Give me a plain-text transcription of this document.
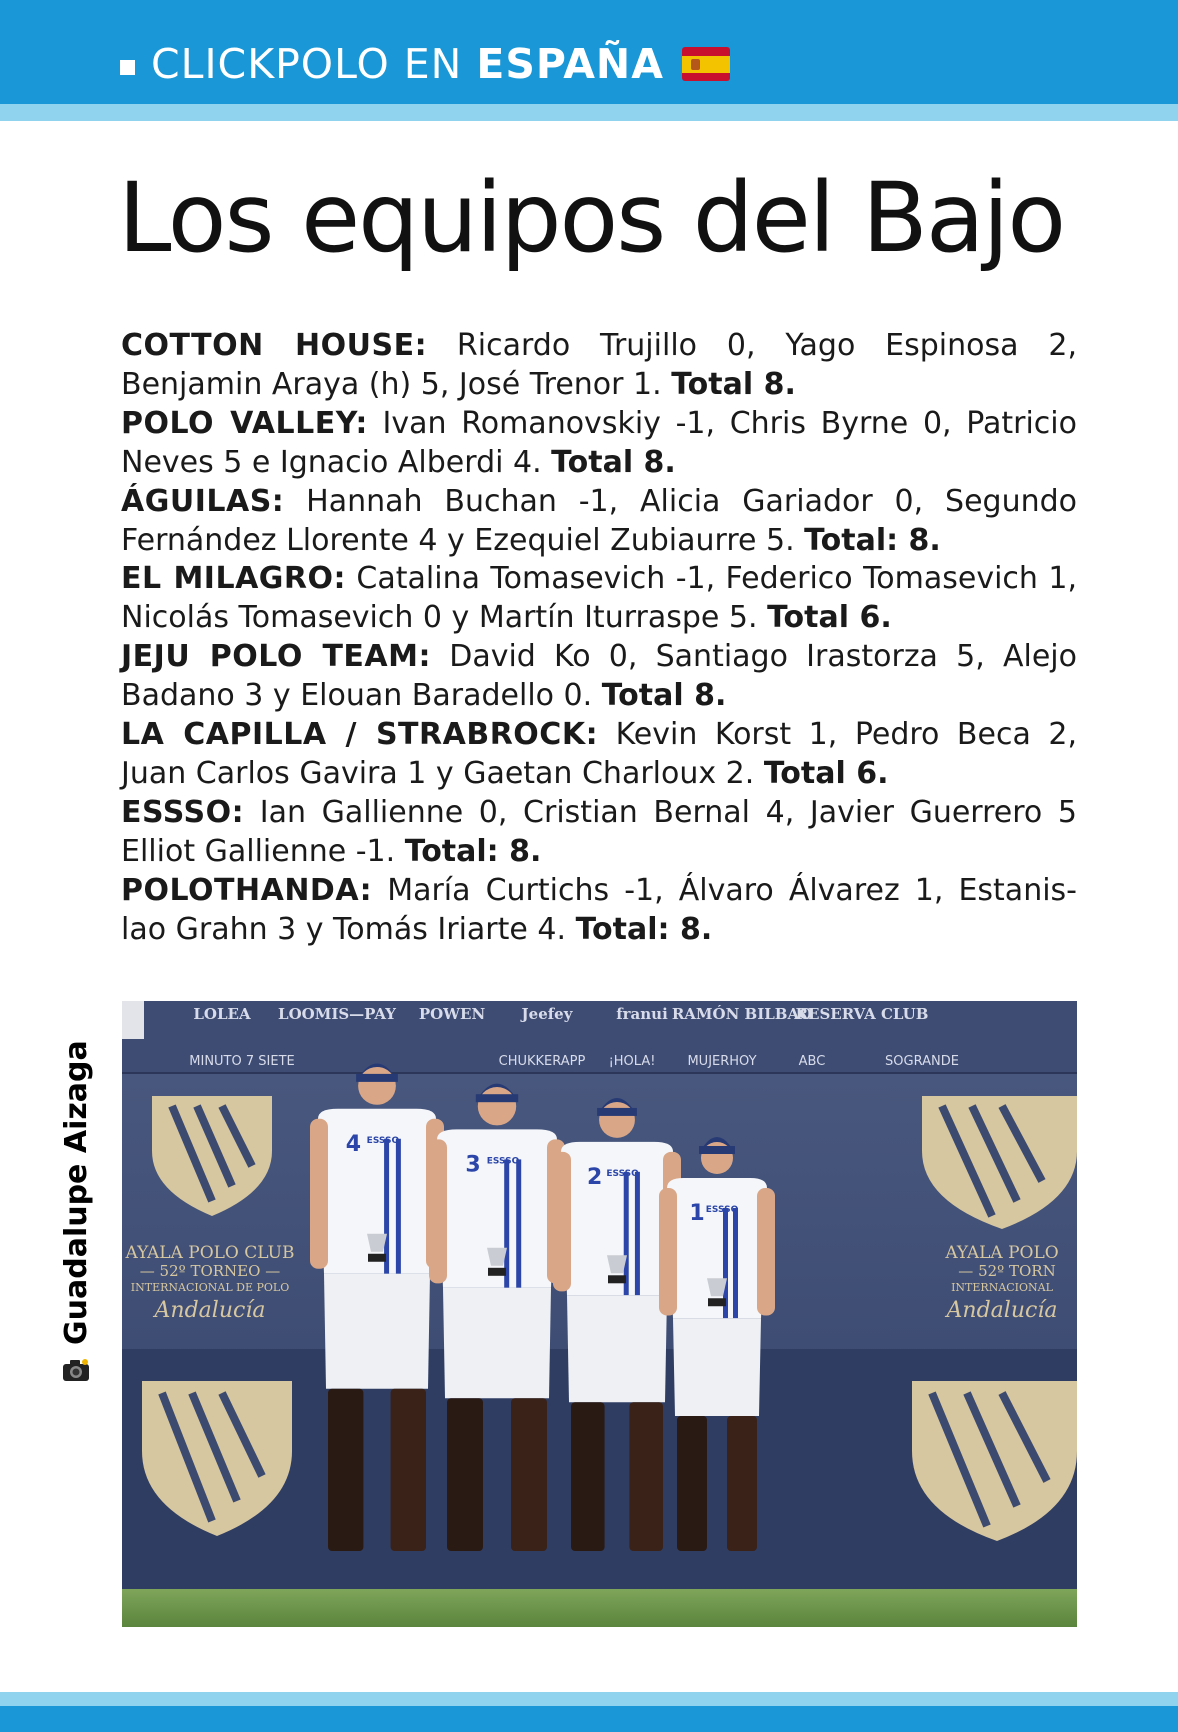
CLICKPOLO EN ESPAÑA
Los equipos del Bajo

COTTON HOUSE: Ricardo Trujillo 0, Yago Espinosa 2, Benjamin Araya (h) 5, José Trenor 1. Total 8.

POLO VALLEY: Ivan Romanovskiy -1, Chris Byrne 0, Patricio Neves 5 e Ignacio Alberdi 4. Total 8.

ÁGUILAS: Hannah Buchan -1, Alicia Gariador 0, Segundo Fernández Llorente 4 y Ezequiel Zubiaurre 5. Total: 8.

EL MILAGRO: Catalina Tomasevich -1, Federico Tomasevich 1, Nicolás Tomasevich 0 y Martín Iturraspe 5. Total 6.

JEJU POLO TEAM: David Ko 0, Santiago Irastorza 5, Alejo Badano 3 y Elouan Baradello 0. Total 8.

LA CAPILLA / STRABROCK: Kevin Korst 1, Pedro Beca 2, Juan Carlos Gavira 1 y Gaetan Charloux 2. Total 6.

ESSSO: Ian Gallienne 0, Cristian Bernal 4, Javier Guerrero 5 Elliot Gallienne -1. Total: 8.

POLOTHANDA: María Curtichs -1, Álvaro Álvarez 1, Estanis-lao Grahn 3 y Tomás Iriarte 4. Total: 8.

Guadalupe Aizaga
LOLEA LOOMIS—PAY POWEN Jeefey	franui RAMÓN BILBAO
RESERVA CLUB
MINUTO 7 SIETE	CHUKKERAPP ¡HOLA! MUJERHOY	ABC	SOGRANDE
AYALA POLO CLUB
— 52º TORNEO —
INTERNACIONAL DE POLO
Andalucía
AYALA POLO
— 52º TORN
INTERNACIONAL
Andalucía
4 ESSSO
3 ESSSO
2 ESSSO
1 ESSSO
